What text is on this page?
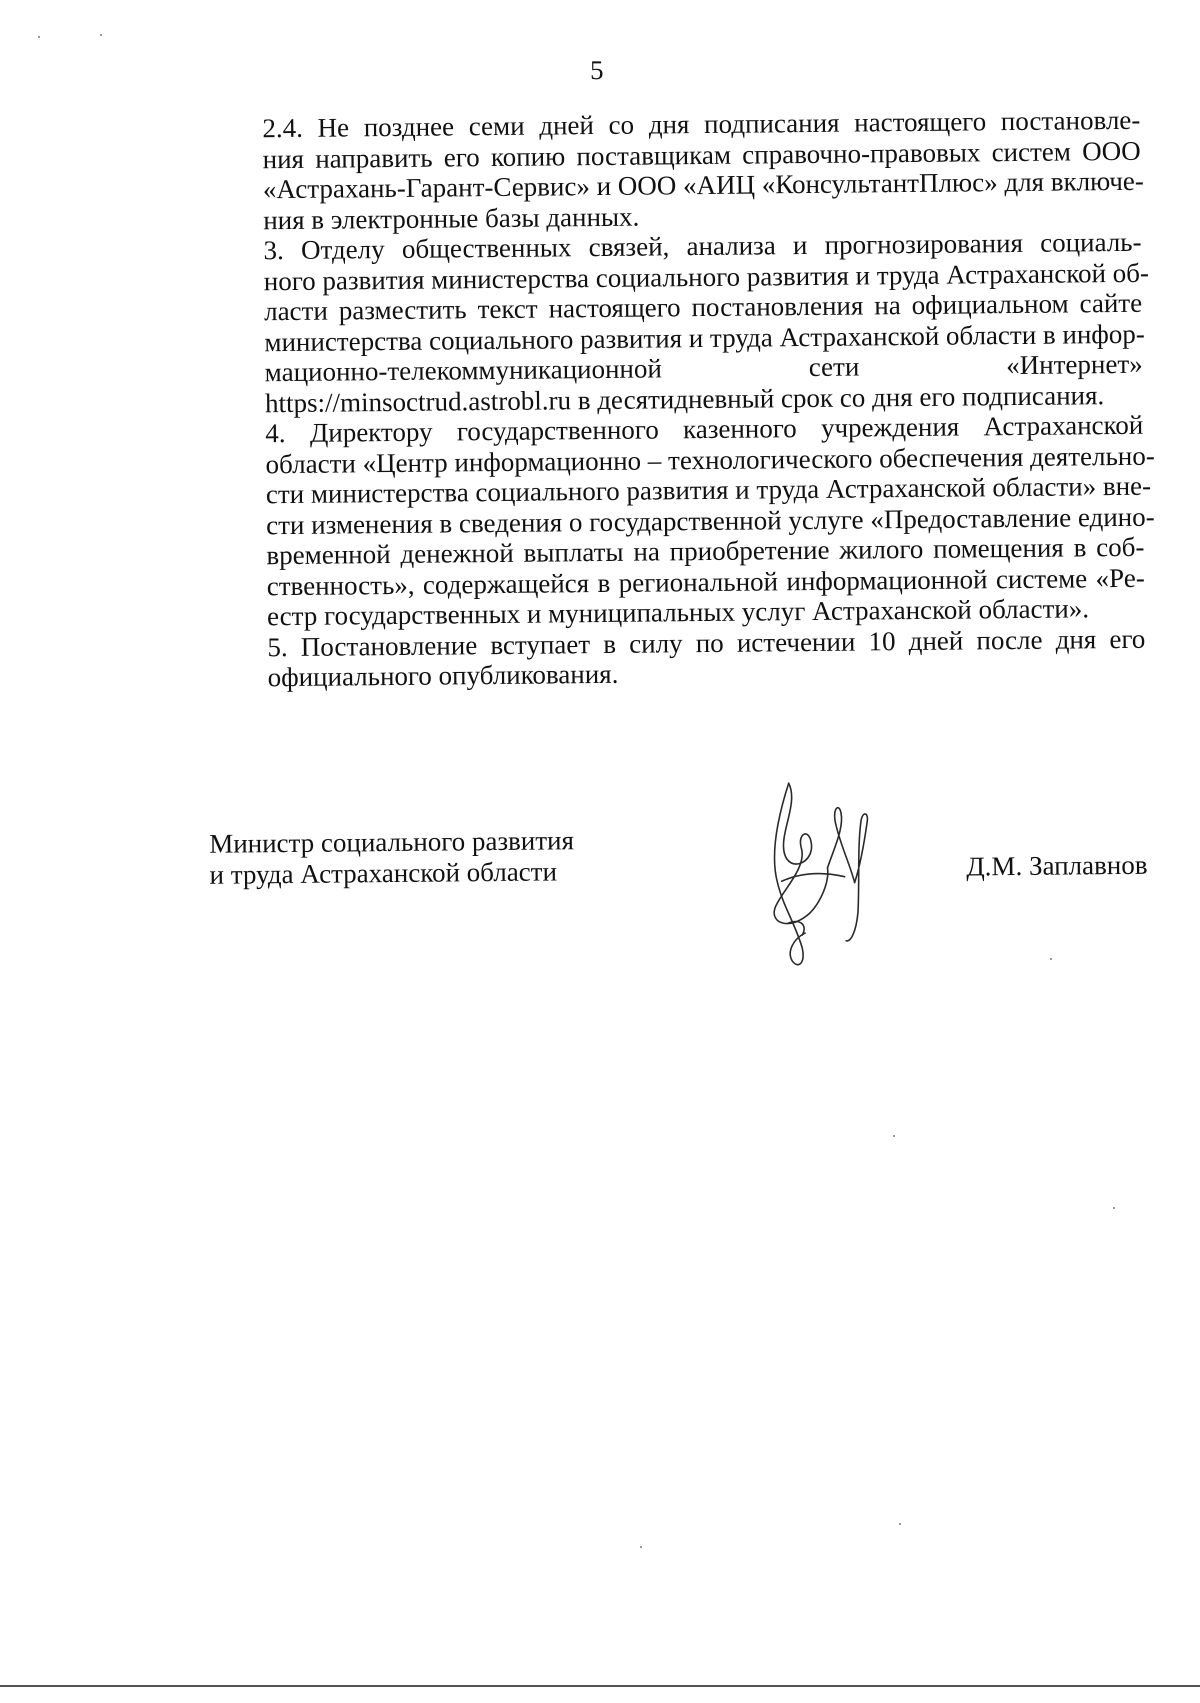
5

2.4. Не позднее семи дней со дня подписания настоящего постановле-
ния направить его копию поставщикам справочно-правовых систем ООО
«Астрахань-Гарант-Сервис» и ООО «АИЦ «КонсультантПлюс» для включе-
ния в электронные базы данных.

3. Отделу общественных связей, анализа и прогнозирования социаль-
ного развития министерства социального развития и труда Астраханской об-
ласти разместить текст настоящего постановления на официальном сайте
министерства социального развития и труда Астраханской области в инфор-
мационно-телекоммуникационной сети «Интернет»
https://minsoctrud.astrobl.ru в десятидневный срок со дня его подписания.

4. Директору государственного казенного учреждения Астраханской
области «Центр информационно – технологического обеспечения деятельно-
сти министерства социального развития и труда Астраханской области» вне-
сти изменения в сведения о государственной услуге «Предоставление едино-
временной денежной выплаты на приобретение жилого помещения в соб-
ственность», содержащейся в региональной информационной системе «Ре-
естр государственных и муниципальных услуг Астраханской области».

5. Постановление вступает в силу по истечении 10 дней после дня его
официального опубликования.

Министр социального развития
и труда Астраханской области	Д.М. Заплавнов
